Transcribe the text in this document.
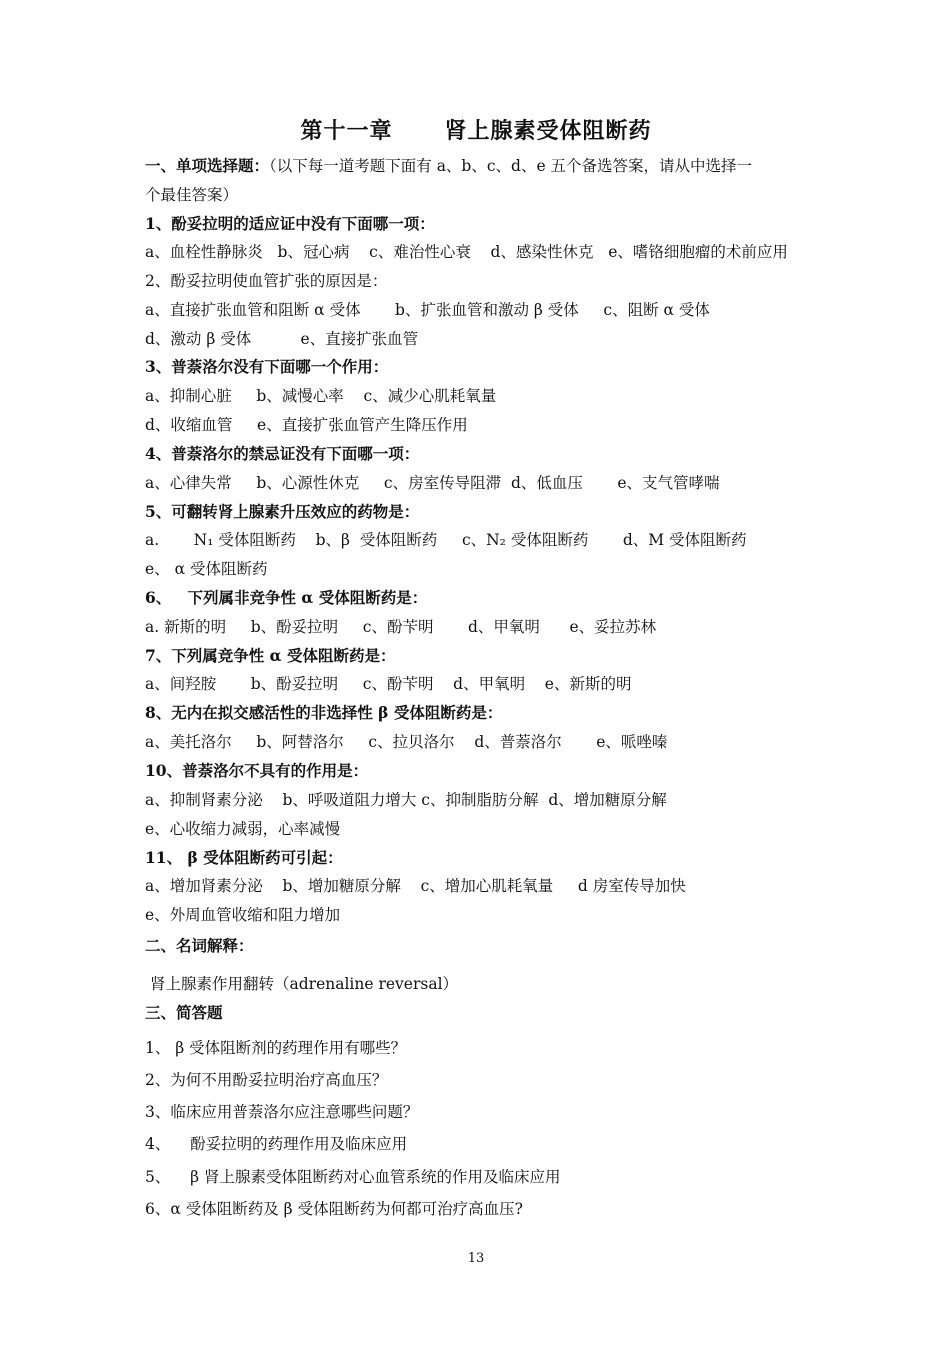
第十一章      肾上腺素受体阻断药
一、单项选择题：（以下每一道考题下面有 a、b、c、d、e 五个备选答案，请从中选择一
个最佳答案）
1、酚妥拉明的适应证中没有下面哪一项：
a、血栓性静脉炎   b、冠心病    c、难治性心衰    d、感染性休克   e、嗜铬细胞瘤的术前应用
2、酚妥拉明使血管扩张的原因是：
a、直接扩张血管和阻断 α 受体       b、扩张血管和激动 β 受体     c、阻断 α 受体
d、激动 β 受体          e、直接扩张血管
3、普萘洛尔没有下面哪一个作用：
a、抑制心脏     b、减慢心率    c、减少心肌耗氧量
d、收缩血管     e、直接扩张血管产生降压作用
4、普萘洛尔的禁忌证没有下面哪一项：
a、心律失常     b、心源性休克     c、房室传导阻滞  d、低血压       e、支气管哮喘
5、可翻转肾上腺素升压效应的药物是：
a.       N₁ 受体阻断药    b、β  受体阻断药     c、N₂ 受体阻断药       d、M 受体阻断药
e、 α 受体阻断药
6、   下列属非竞争性 α 受体阻断药是：
a. 新斯的明     b、酚妥拉明     c、酚苄明       d、甲氧明      e、妥拉苏林
7、下列属竞争性 α 受体阻断药是：
a、间羟胺       b、酚妥拉明     c、酚苄明    d、甲氧明    e、新斯的明
8、无内在拟交感活性的非选择性 β 受体阻断药是：
a、美托洛尔     b、阿替洛尔     c、拉贝洛尔    d、普萘洛尔       e、哌唑嗪
10、普萘洛尔不具有的作用是：
a、抑制肾素分泌    b、呼吸道阻力增大 c、抑制脂肪分解  d、增加糖原分解
e、心收缩力减弱，心率减慢
11、 β 受体阻断药可引起：
a、增加肾素分泌    b、增加糖原分解    c、增加心肌耗氧量     d 房室传导加快
e、外周血管收缩和阻力增加
二、名词解释：
肾上腺素作用翻转（adrenaline reversal）
三、简答题
1、 β 受体阻断剂的药理作用有哪些？
2、为何不用酚妥拉明治疗高血压？
3、临床应用普萘洛尔应注意哪些问题？
4、    酚妥拉明的药理作用及临床应用
5、    β 肾上腺素受体阻断药对心血管系统的作用及临床应用
6、α 受体阻断药及 β 受体阻断药为何都可治疗高血压?
13
